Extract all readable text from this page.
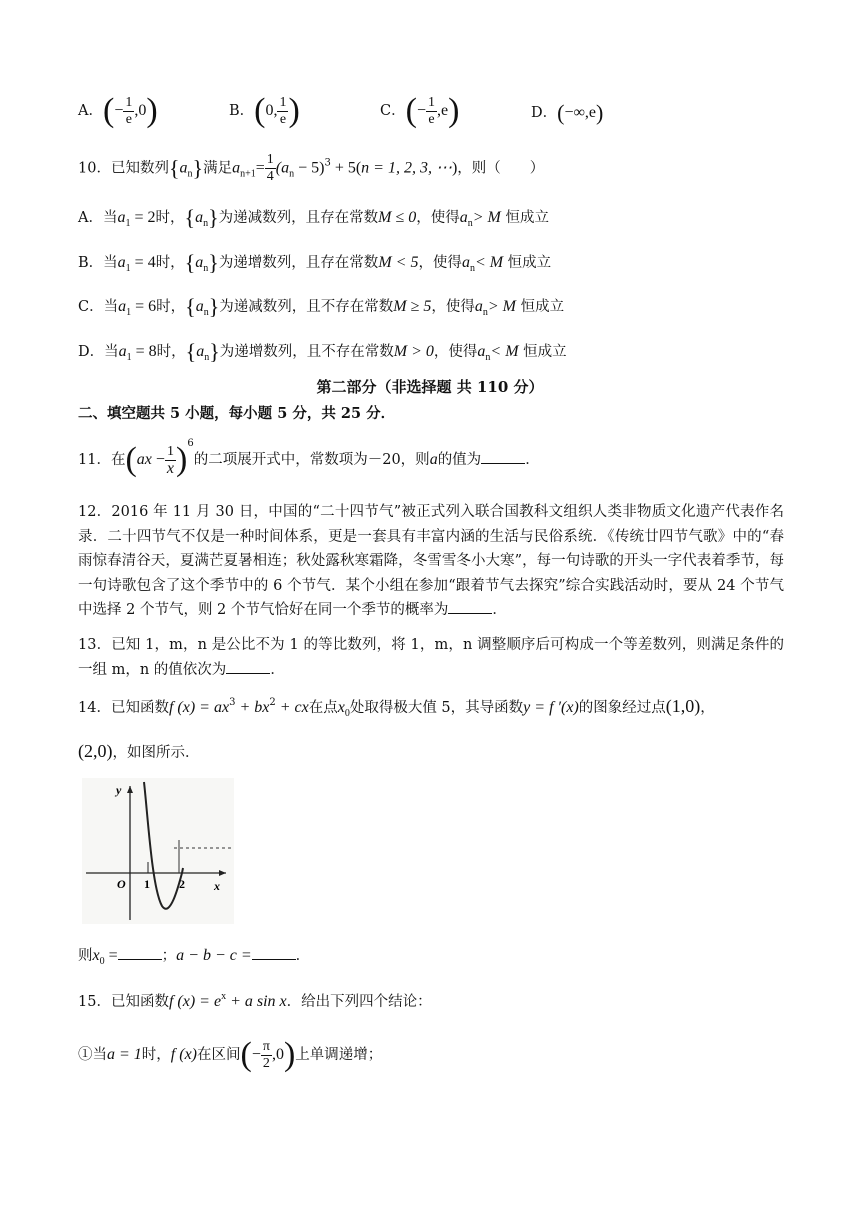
A．(− $\frac{1}{e} ,0$)	B．(0, $\frac{1}{e}$ )	C．(− $\frac{1}{e} ,e$)	D．(−∞,e)
10．已知数列$\{a_n\}$满足$a_{n+1}= \frac{1}{4} (a_n - 5)^3 + 5(n = 1$, 2, 3, ⋯)，则（　　）
A．当$a_1 = 2$时，$\{a_n\}$为递减数列，且存在常数M ≤ 0，使得$a_n> M$ 恒成立
B．当$a_1 = 4$时，$\{a_n\}$为递增数列，且存在常数M < 5，使得$a_n< M$ 恒成立
C．当$a_1 = 6$时，$\{a_n\}$为递减数列，且不存在常数M ≥ 5，使得$a_n> M$ 恒成立
D．当$a_1 = 8$时，$\{a_n\}$为递增数列，且不存在常数M > 0，使得$a_n< M$ 恒成立
第二部分（非选择题 共 110 分）
二、填空题共 5 小题，每小题 5 分，共 25 分．
11．在$(ax - \frac{1}{x} )^6$的二项展开式中，常数项为－20，则a的值为	．
12．2016 年 11 月 30 日，中国的“二十四节气”被正式列入联合国教科文组织人类非物质文化遗产代表作名录．二十四节气不仅是一种时间体系，更是一套具有丰富内涵的生活与民俗系统．《传统廿四节气歌》中的“春雨惊春清谷天，夏满芒夏暑相连；秋处露秋寒霜降，冬雪雪冬小大寒”，每一句诗歌的开头一字代表着季节，每一句诗歌包含了这个季节中的 6 个节气．某个小组在参加“跟着节气去探究”综合实践活动时，要从 24 个节气中选择 2 个节气，则 2 个节气恰好在同一个季节的概率为	．
13．已知 1，m，n 是公比不为 1 的等比数列，将 1，m，n 调整顺序后可构成一个等差数列，则满足条件的一组 m，n 的值依次为	．
14．已知函数f $(x) = ax^3 + bx^2$ + cx在点$x_0$处取得极大值 5，其导函数y = f ′(x)的图象经过点(1,0)，
(2,0)，如图所示．
y
x
O 1 2
则$x_0$ =	；a − b − c =	．
15．已知函数f $(x) = e^x + a$ sin x．给出下列四个结论：
①当a = 1时，f (x)在区间(− $\frac{\pi}{2} ,0$)上单调递增；
